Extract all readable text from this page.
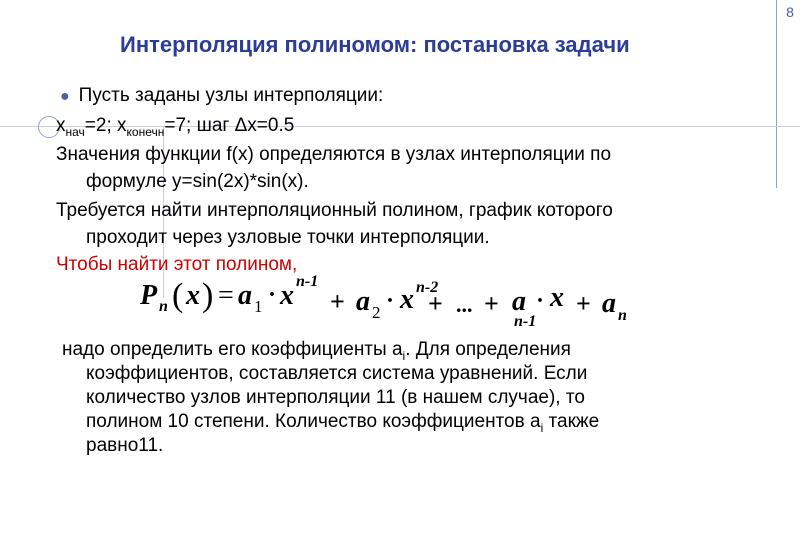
8
Интерполяция полиномом: постановка задачи
● Пусть заданы узлы интерполяции:
$x_{нач}=2$; $x_{конечн}=7$; шаг Δx=0.5
Значения функции f(x) определяются в узлах интерполяции по
формуле y=sin(2x)*sin(x).
Требуется найти интерполяционный полином, график которого
проходит через узловые точки интерполяции.
Чтобы найти этот полином,
P n ( x ) = a 1 · x n-1
+ a 2 · x n-2
+ ... + a
n-1
· x + a n
надо определить его коэффициенты $a_i$. Для определения
коэффициентов, составляется система уравнений. Если
количество узлов интерполяции 11 (в нашем случае), то
полином 10 степени. Количество коэффициентов $a_i$ также
равно11.
